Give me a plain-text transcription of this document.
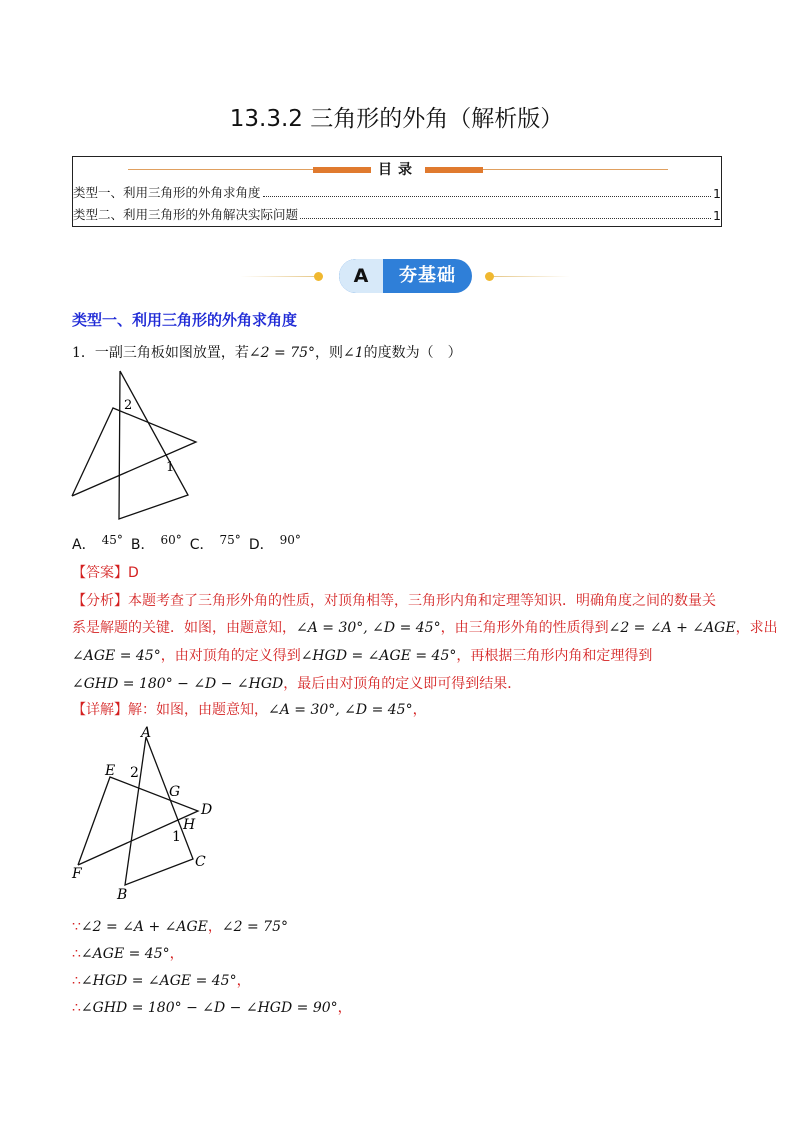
13.3.2 三角形的外角（解析版）
目录
类型一、利用三角形的外角求角度	1
类型二、利用三角形的外角解决实际问题	1
A	夯基础
类型一、利用三角形的外角求角度
1．一副三角板如图放置，若∠2 = 75°，则∠1的度数为（　）
2
1
A． 45° B． 60° C． 75° D． 90°
【答案】D
【分析】本题考查了三角形外角的性质，对顶角相等，三角形内角和定理等知识．明确角度之间的数量关
系是解题的关键．如图，由题意知，∠A = 30°, ∠D = 45°，由三角形外角的性质得到∠2 = ∠A + ∠AGE，求出
∠AGE = 45°，由对顶角的定义得到∠HGD = ∠AGE = 45°，再根据三角形内角和定理得到
∠GHD = 180° − ∠D − ∠HGD，最后由对顶角的定义即可得到结果．
【详解】解：如图，由题意知，∠A = 30°, ∠D = 45°，
A
E 2
G
D
H
1
C
F
B
∵∠2 = ∠A + ∠AGE，∠2 = 75°
∴∠AGE = 45°，
∴∠HGD = ∠AGE = 45°，
∴∠GHD = 180° − ∠D − ∠HGD = 90°，
